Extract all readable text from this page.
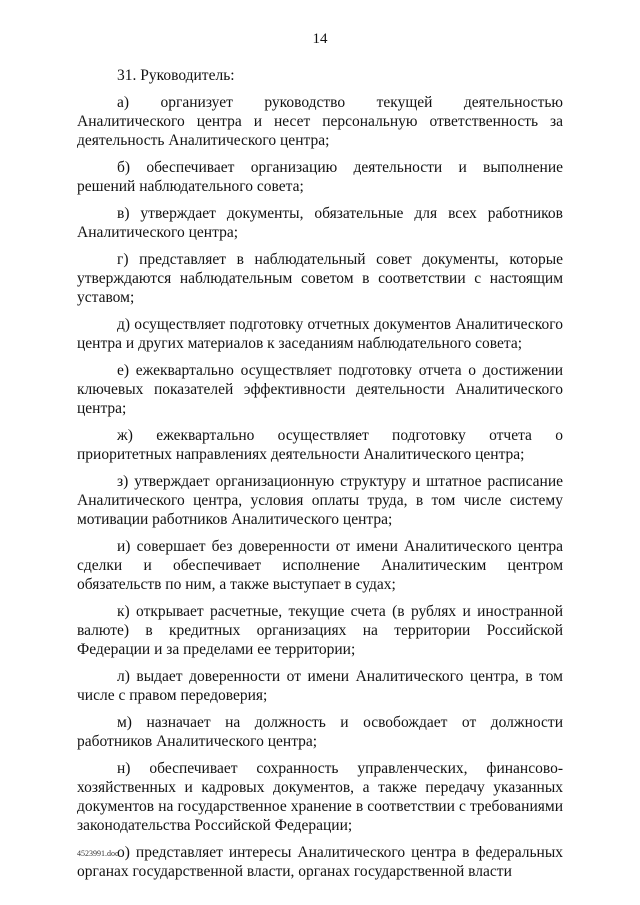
14

31. Руководитель:

а) организует руководство текущей деятельностью Аналитического центра и несет персональную ответственность за деятельность Аналитического центра;

б) обеспечивает организацию деятельности и выполнение решений наблюдательного совета;

в) утверждает документы, обязательные для всех работников Аналитического центра;

г) представляет в наблюдательный совет документы, которые утверждаются наблюдательным советом в соответствии с настоящим уставом;

д) осуществляет подготовку отчетных документов Аналитического центра и других материалов к заседаниям наблюдательного совета;

е) ежеквартально осуществляет подготовку отчета о достижении ключевых показателей эффективности деятельности Аналитического центра;

ж) ежеквартально осуществляет подготовку отчета о приоритетных направлениях деятельности Аналитического центра;

з) утверждает организационную структуру и штатное расписание Аналитического центра, условия оплаты труда, в том числе систему мотивации работников Аналитического центра;

и) совершает без доверенности от имени Аналитического центра сделки и обеспечивает исполнение Аналитическим центром обязательств по ним, а также выступает в судах;

к) открывает расчетные, текущие счета (в рублях и иностранной валюте) в кредитных организациях на территории Российской Федерации и за пределами ее территории;

л) выдает доверенности от имени Аналитического центра, в том числе с правом передоверия;

м) назначает на должность и освобождает от должности работников Аналитического центра;

н) обеспечивает сохранность управленческих, финансово-хозяйственных и кадровых документов, а также передачу указанных документов на государственное хранение в соответствии с требованиями законодательства Российской Федерации;

о) представляет интересы Аналитического центра в федеральных органах государственной власти, органах государственной власти

4523991.doc
